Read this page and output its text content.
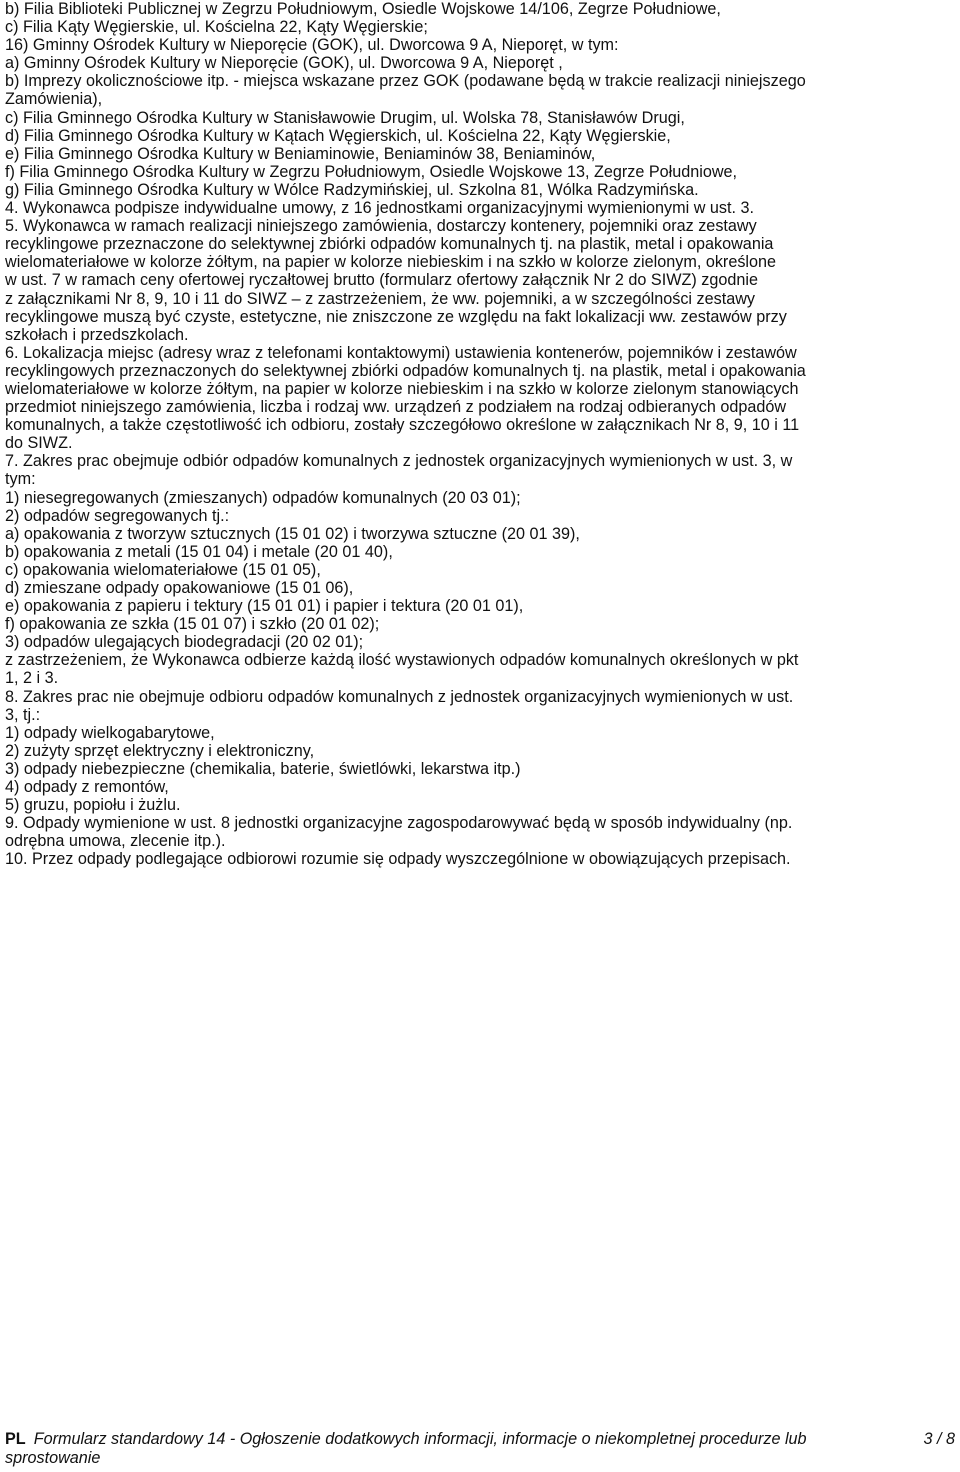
b) Filia Biblioteki Publicznej w Zegrzu Południowym, Osiedle Wojskowe 14/106, Zegrze Południowe,
c) Filia Kąty Węgierskie, ul. Kościelna 22, Kąty Węgierskie;
16) Gminny Ośrodek Kultury w Nieporęcie (GOK), ul. Dworcowa 9 A, Nieporęt, w tym:
a) Gminny Ośrodek Kultury w Nieporęcie (GOK), ul. Dworcowa 9 A, Nieporęt ,
b) Imprezy okolicznościowe itp. - miejsca wskazane przez GOK (podawane będą w trakcie realizacji niniejszego
Zamówienia),
c) Filia Gminnego Ośrodka Kultury w Stanisławowie Drugim, ul. Wolska 78, Stanisławów Drugi,
d) Filia Gminnego Ośrodka Kultury w Kątach Węgierskich, ul. Kościelna 22, Kąty Węgierskie,
e) Filia Gminnego Ośrodka Kultury w Beniaminowie, Beniaminów 38, Beniaminów,
f) Filia Gminnego Ośrodka Kultury w Zegrzu Południowym, Osiedle Wojskowe 13, Zegrze Południowe,
g) Filia Gminnego Ośrodka Kultury w Wólce Radzymińskiej, ul. Szkolna 81, Wólka Radzymińska.
4. Wykonawca podpisze indywidualne umowy, z 16 jednostkami organizacyjnymi wymienionymi w ust. 3.
5. Wykonawca w ramach realizacji niniejszego zamówienia, dostarczy kontenery, pojemniki oraz zestawy
recyklingowe przeznaczone do selektywnej zbiórki odpadów komunalnych tj. na plastik, metal i opakowania
wielomateriałowe w kolorze żółtym, na papier w kolorze niebieskim i na szkło w kolorze zielonym, określone
w ust. 7 w ramach ceny ofertowej ryczałtowej brutto (formularz ofertowy załącznik Nr 2 do SIWZ) zgodnie
z załącznikami Nr 8, 9, 10 i 11 do SIWZ – z zastrzeżeniem, że ww. pojemniki, a w szczególności zestawy
recyklingowe muszą być czyste, estetyczne, nie zniszczone ze względu na fakt lokalizacji ww. zestawów przy
szkołach i przedszkolach.
6. Lokalizacja miejsc (adresy wraz z telefonami kontaktowymi) ustawienia kontenerów, pojemników i zestawów
recyklingowych przeznaczonych do selektywnej zbiórki odpadów komunalnych tj. na plastik, metal i opakowania
wielomateriałowe w kolorze żółtym, na papier w kolorze niebieskim i na szkło w kolorze zielonym stanowiących
przedmiot niniejszego zamówienia, liczba i rodzaj ww. urządzeń z podziałem na rodzaj odbieranych odpadów
komunalnych, a także częstotliwość ich odbioru, zostały szczegółowo określone w załącznikach Nr 8, 9, 10 i 11
do SIWZ.
7. Zakres prac obejmuje odbiór odpadów komunalnych z jednostek organizacyjnych wymienionych w ust. 3, w
tym:
1) niesegregowanych (zmieszanych) odpadów komunalnych (20 03 01);
2) odpadów segregowanych tj.:
a) opakowania z tworzyw sztucznych (15 01 02) i tworzywa sztuczne (20 01 39),
b) opakowania z metali (15 01 04) i metale (20 01 40),
c) opakowania wielomateriałowe (15 01 05),
d) zmieszane odpady opakowaniowe (15 01 06),
e) opakowania z papieru i tektury (15 01 01) i papier i tektura (20 01 01),
f) opakowania ze szkła (15 01 07) i szkło (20 01 02);
3) odpadów ulegających biodegradacji (20 02 01);
z zastrzeżeniem, że Wykonawca odbierze każdą ilość wystawionych odpadów komunalnych określonych w pkt
1, 2 i 3.
8. Zakres prac nie obejmuje odbioru odpadów komunalnych z jednostek organizacyjnych wymienionych w ust.
3, tj.:
1) odpady wielkogabarytowe,
2) zużyty sprzęt elektryczny i elektroniczny,
3) odpady niebezpieczne (chemikalia, baterie, świetlówki, lekarstwa itp.)
4) odpady z remontów,
5) gruzu, popiołu i żużlu.
9. Odpady wymienione w ust. 8 jednostki organizacyjne zagospodarowywać będą w sposób indywidualny (np.
odrębna umowa, zlecenie itp.).
10. Przez odpady podlegające odbiorowi rozumie się odpady wyszczególnione w obowiązujących przepisach.
PL Formularz standardowy 14 - Ogłoszenie dodatkowych informacji, informacje o niekompletnej procedurze lub
sprostowanie
3 / 8
